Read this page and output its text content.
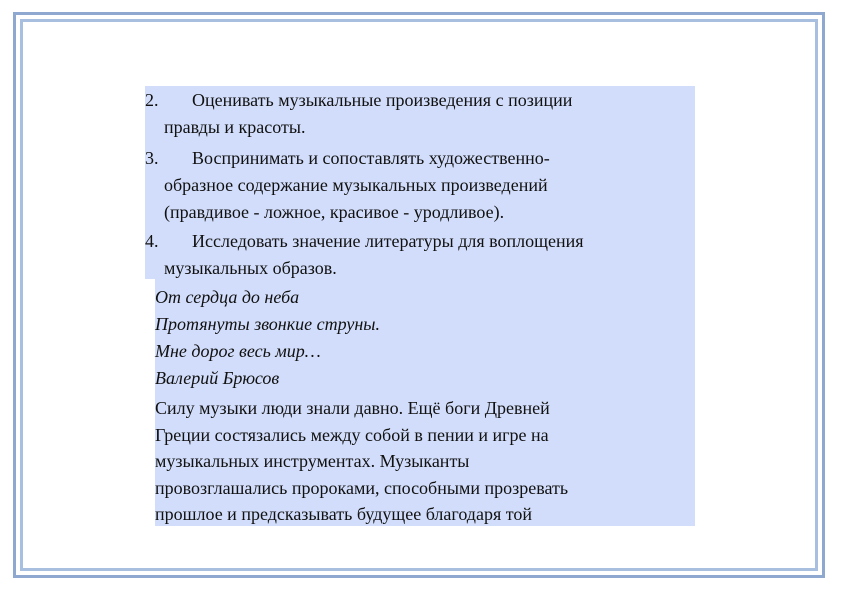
2. Оценивать музыкальные произведения с позиции
правды и красоты.
3. Воспринимать и сопоставлять художественно-
образное содержание музыкальных произведений
(правдивое - ложное, красивое - уродливое).
4. Исследовать значение литературы для воплощения
музыкальных образов.
От сердца до неба
Протянуты звонкие струны.
Мне дорог весь мир…
Валерий Брюсов
Силу музыки люди знали давно. Ещё боги Древней
Греции состязались между собой в пении и игре на
музыкальных инструментах. Музыканты
провозглашались пророками, способными прозревать
прошлое и предсказывать будущее благодаря той
